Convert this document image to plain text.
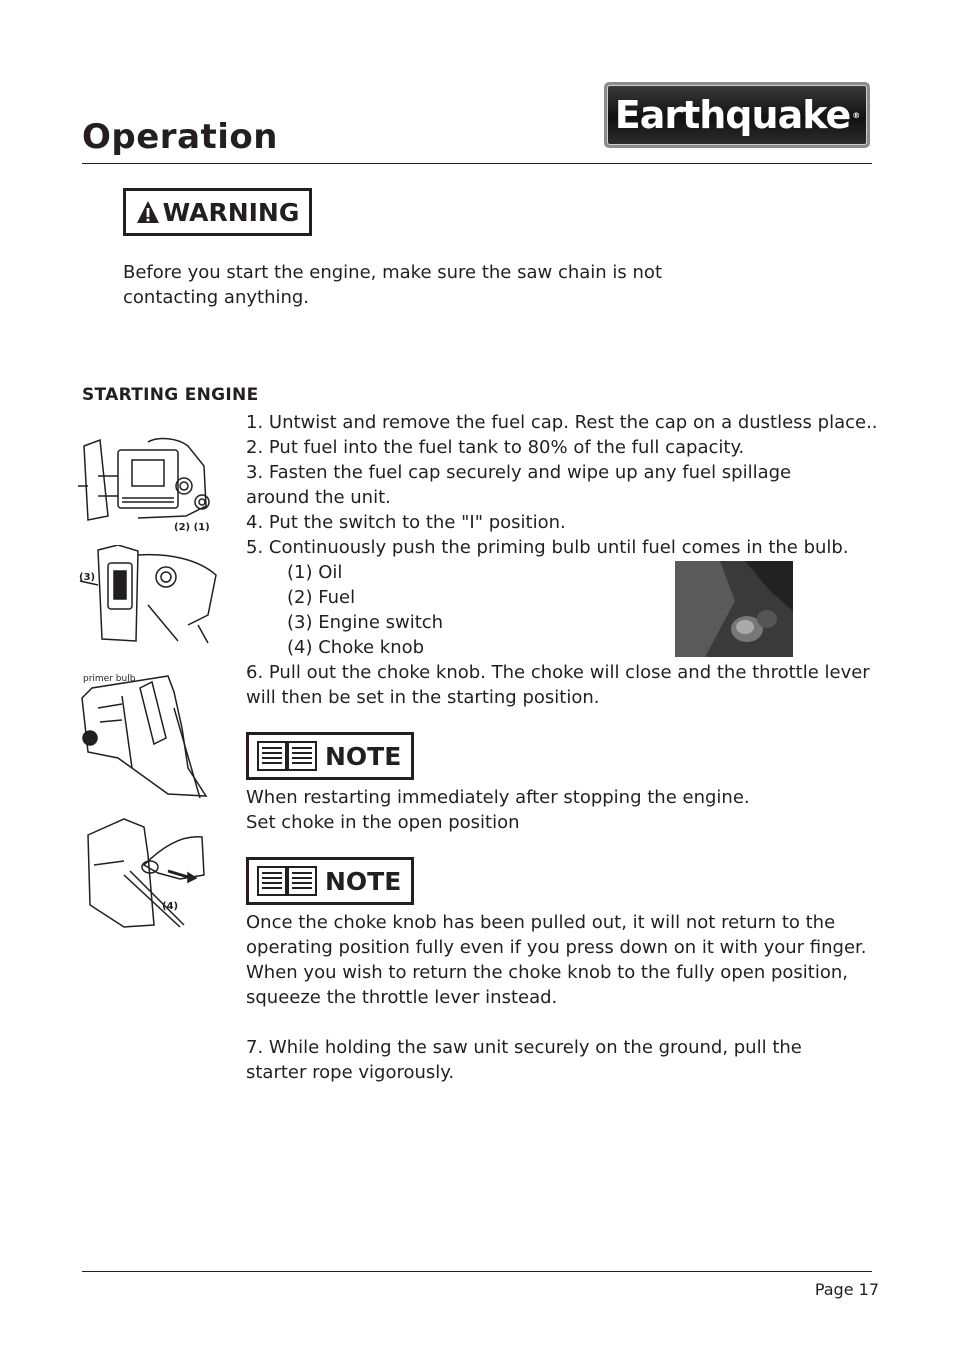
Operation	Earthquake ®
WARNING
Before you start the engine, make sure the saw chain is not
contacting anything.
STARTING ENGINE
1. Untwist and remove the fuel cap. Rest the cap on a dustless place..
2. Put fuel into the fuel tank to 80% of the full capacity.
3. Fasten the fuel cap securely and wipe up any fuel spillage
around the unit.
4. Put the switch to the "I" position.
5. Continuously push the priming bulb until fuel comes in the bulb.
(1) Oil
(2) Fuel
(3) Engine switch
(4) Choke knob
6. Pull out the choke knob. The choke will close and the throttle lever
will then be set in the starting position.
(2) (1)
(3)
primer bulb
(4)
NOTE
When restarting immediately after stopping the engine.
Set choke in the open position
NOTE
Once the choke knob has been pulled out, it will not return to the
operating position fully even if you press down on it with your finger.
When you wish to return the choke knob to the fully open position,
squeeze the throttle lever instead.
7. While holding the saw unit securely on the ground, pull the
starter rope vigorously.
Page 17
